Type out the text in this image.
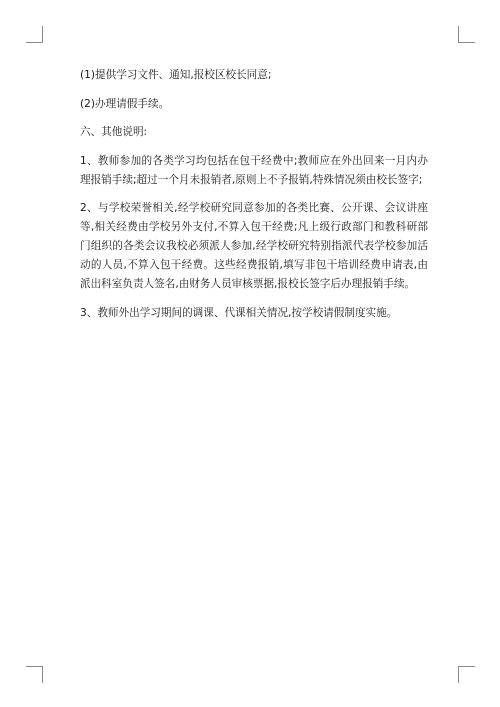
(1)提供学习文件、通知,报校区校长同意;

(2)办理请假手续。

六、其他说明:

1、教师参加的各类学习均包括在包干经费中;教师应在外出回来一月内办理报销手续;超过一个月未报销者,原则上不予报销,特殊情况须由校长签字;

2、与学校荣誉相关,经学校研究同意参加的各类比赛、公开课、会议讲座等,相关经费由学校另外支付,不算入包干经费;凡上级行政部门和教科研部门组织的各类会议我校必须派人参加,经学校研究特别指派代表学校参加活动的人员,不算入包干经费。这些经费报销,填写非包干培训经费申请表,由派出科室负责人签名,由财务人员审核票据,报校长签字后办理报销手续。

3、教师外出学习期间的调课、代课相关情况,按学校请假制度实施。
